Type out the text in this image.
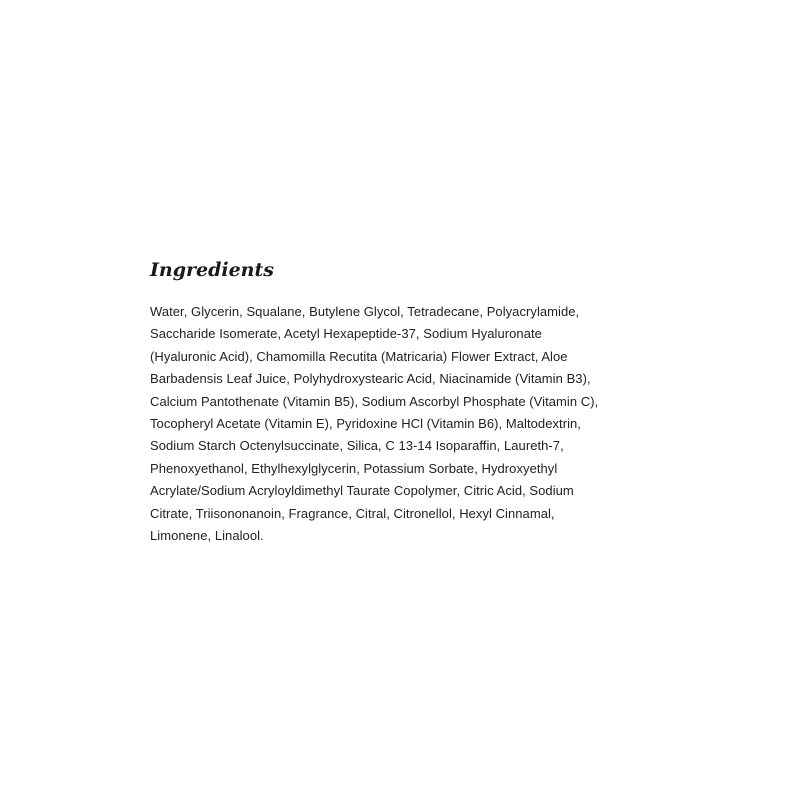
Ingredients

Water, Glycerin, Squalane, Butylene Glycol, Tetradecane, Polyacrylamide,
Saccharide Isomerate, Acetyl Hexapeptide-37, Sodium Hyaluronate
(Hyaluronic Acid), Chamomilla Recutita (Matricaria) Flower Extract, Aloe
Barbadensis Leaf Juice, Polyhydroxystearic Acid, Niacinamide (Vitamin B3),
Calcium Pantothenate (Vitamin B5), Sodium Ascorbyl Phosphate (Vitamin C),
Tocopheryl Acetate (Vitamin E), Pyridoxine HCl (Vitamin B6), Maltodextrin,
Sodium Starch Octenylsuccinate, Silica, C 13-14 Isoparaffin, Laureth-7,
Phenoxyethanol, Ethylhexylglycerin, Potassium Sorbate, Hydroxyethyl
Acrylate/Sodium Acryloyldimethyl Taurate Copolymer, Citric Acid, Sodium
Citrate, Triisononanoin, Fragrance, Citral, Citronellol, Hexyl Cinnamal,
Limonene, Linalool.
